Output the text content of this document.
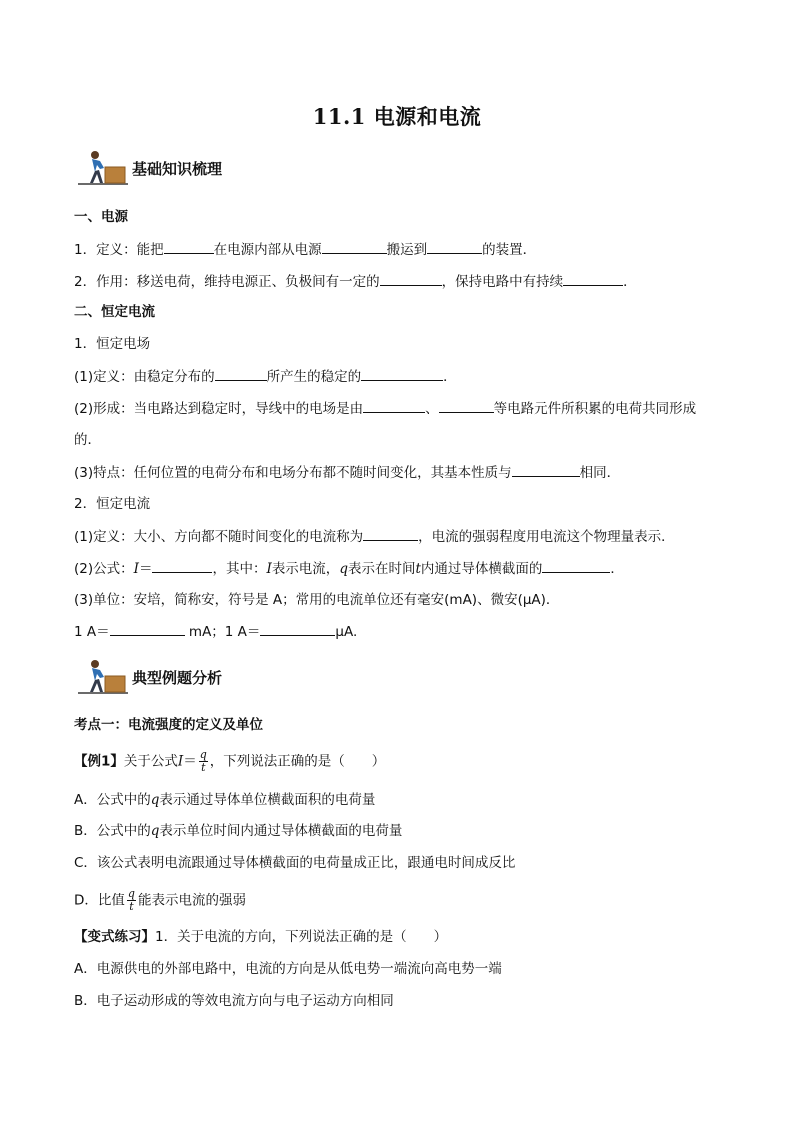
11.1 电源和电流
基础知识梳理
一、电源
1．定义：能把	在电源内部从电源	搬运到	的装置．
2．作用：移送电荷，维持电源正、负极间有一定的	，保持电路中有持续	．
二、恒定电流
1．恒定电场
(1)定义：由稳定分布的	所产生的稳定的	．
(2)形成：当电路达到稳定时，导线中的电场是由	、	等电路元件所积累的电荷共同形成
的．
(3)特点：任何位置的电荷分布和电场分布都不随时间变化，其基本性质与	相同．
2．恒定电流
(1)定义：大小、方向都不随时间变化的电流称为	，电流的强弱程度用电流这个物理量表示．
(2)公式：I＝	，其中：I表示电流，q表示在时间t内通过导体横截面的	．
(3)单位：安培，简称安，符号是 A；常用的电流单位还有毫安(mA)、微安(μA)．
1 A＝	mA；1 A＝	μA.
典型例题分析
考点一：电流强度的定义及单位
【例1】关于公式$I= \frac{q}{t}$ ，下列说法正确的是（　　）
A．公式中的q表示通过导体单位横截面积的电荷量
B．公式中的q表示单位时间内通过导体横截面的电荷量
C．该公式表明电流跟通过导体横截面的电荷量成正比，跟通电时间成反比
D．比值 $\frac{q}{t}$ 能表示电流的强弱
【变式练习】1．关于电流的方向，下列说法正确的是（　　）
A．电源供电的外部电路中，电流的方向是从低电势一端流向高电势一端
B．电子运动形成的等效电流方向与电子运动方向相同
